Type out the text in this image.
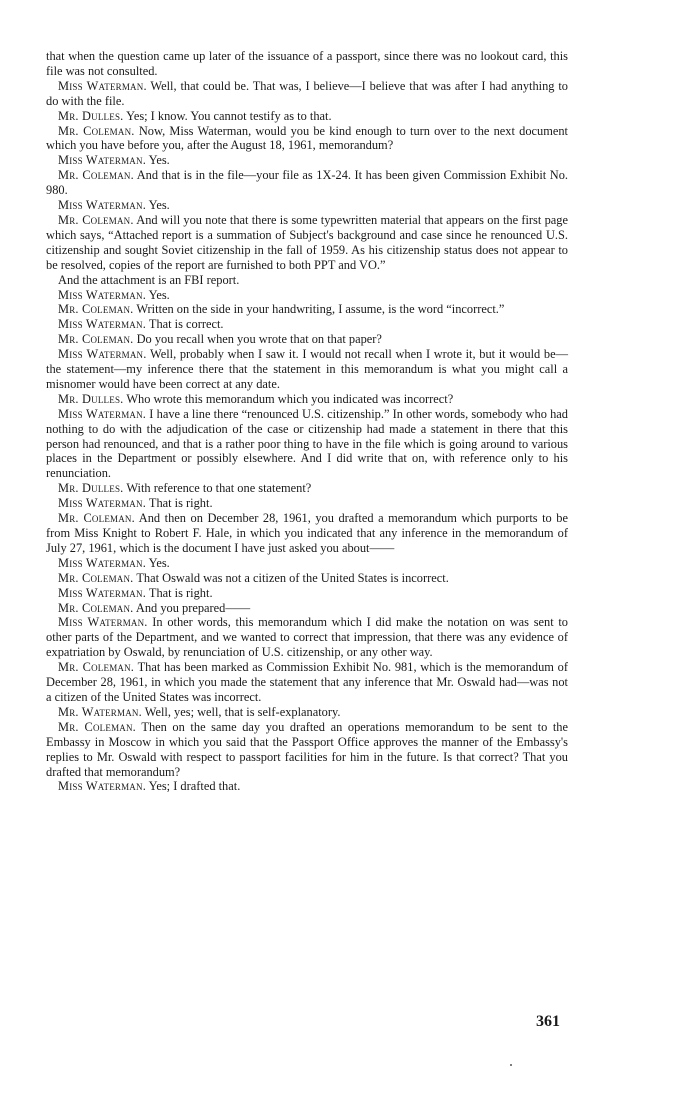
that when the question came up later of the issuance of a passport, since there was no lookout card, this file was not consulted.

Miss Waterman. Well, that could be. That was, I believe—I believe that was after I had anything to do with the file.

Mr. Dulles. Yes; I know. You cannot testify as to that.

Mr. Coleman. Now, Miss Waterman, would you be kind enough to turn over to the next document which you have before you, after the August 18, 1961, memorandum?

Miss Waterman. Yes.

Mr. Coleman. And that is in the file—your file as 1X-24. It has been given Commission Exhibit No. 980.

Miss Waterman. Yes.

Mr. Coleman. And will you note that there is some typewritten material that appears on the first page which says, “Attached report is a summation of Subject's background and case since he renounced U.S. citizenship and sought Soviet citizenship in the fall of 1959. As his citizenship status does not appear to be resolved, copies of the report are furnished to both PPT and VO.”

And the attachment is an FBI report.

Miss Waterman. Yes.

Mr. Coleman. Written on the side in your handwriting, I assume, is the word “incorrect.”

Miss Waterman. That is correct.

Mr. Coleman. Do you recall when you wrote that on that paper?

Miss Waterman. Well, probably when I saw it. I would not recall when I wrote it, but it would be—the statement—my inference there that the statement in this memorandum is what you might call a misnomer would have been correct at any date.

Mr. Dulles. Who wrote this memorandum which you indicated was incorrect?

Miss Waterman. I have a line there “renounced U.S. citizenship.” In other words, somebody who had nothing to do with the adjudication of the case or citizenship had made a statement in there that this person had renounced, and that is a rather poor thing to have in the file which is going around to various places in the Department or possibly elsewhere. And I did write that on, with reference only to his renunciation.

Mr. Dulles. With reference to that one statement?

Miss Waterman. That is right.

Mr. Coleman. And then on December 28, 1961, you drafted a memorandum which purports to be from Miss Knight to Robert F. Hale, in which you indicated that any inference in the memorandum of July 27, 1961, which is the document I have just asked you about——

Miss Waterman. Yes.

Mr. Coleman. That Oswald was not a citizen of the United States is incorrect.

Miss Waterman. That is right.

Mr. Coleman. And you prepared——

Miss Waterman. In other words, this memorandum which I did make the notation on was sent to other parts of the Department, and we wanted to correct that impression, that there was any evidence of expatriation by Oswald, by renunciation of U.S. citizenship, or any other way.

Mr. Coleman. That has been marked as Commission Exhibit No. 981, which is the memorandum of December 28, 1961, in which you made the statement that any inference that Mr. Oswald had—was not a citizen of the United States was incorrect.

Mr. Waterman. Well, yes; well, that is self-explanatory.

Mr. Coleman. Then on the same day you drafted an operations memorandum to be sent to the Embassy in Moscow in which you said that the Passport Office approves the manner of the Embassy's replies to Mr. Oswald with respect to passport facilities for him in the future. Is that correct? That you drafted that memorandum?

Miss Waterman. Yes; I drafted that.

361
